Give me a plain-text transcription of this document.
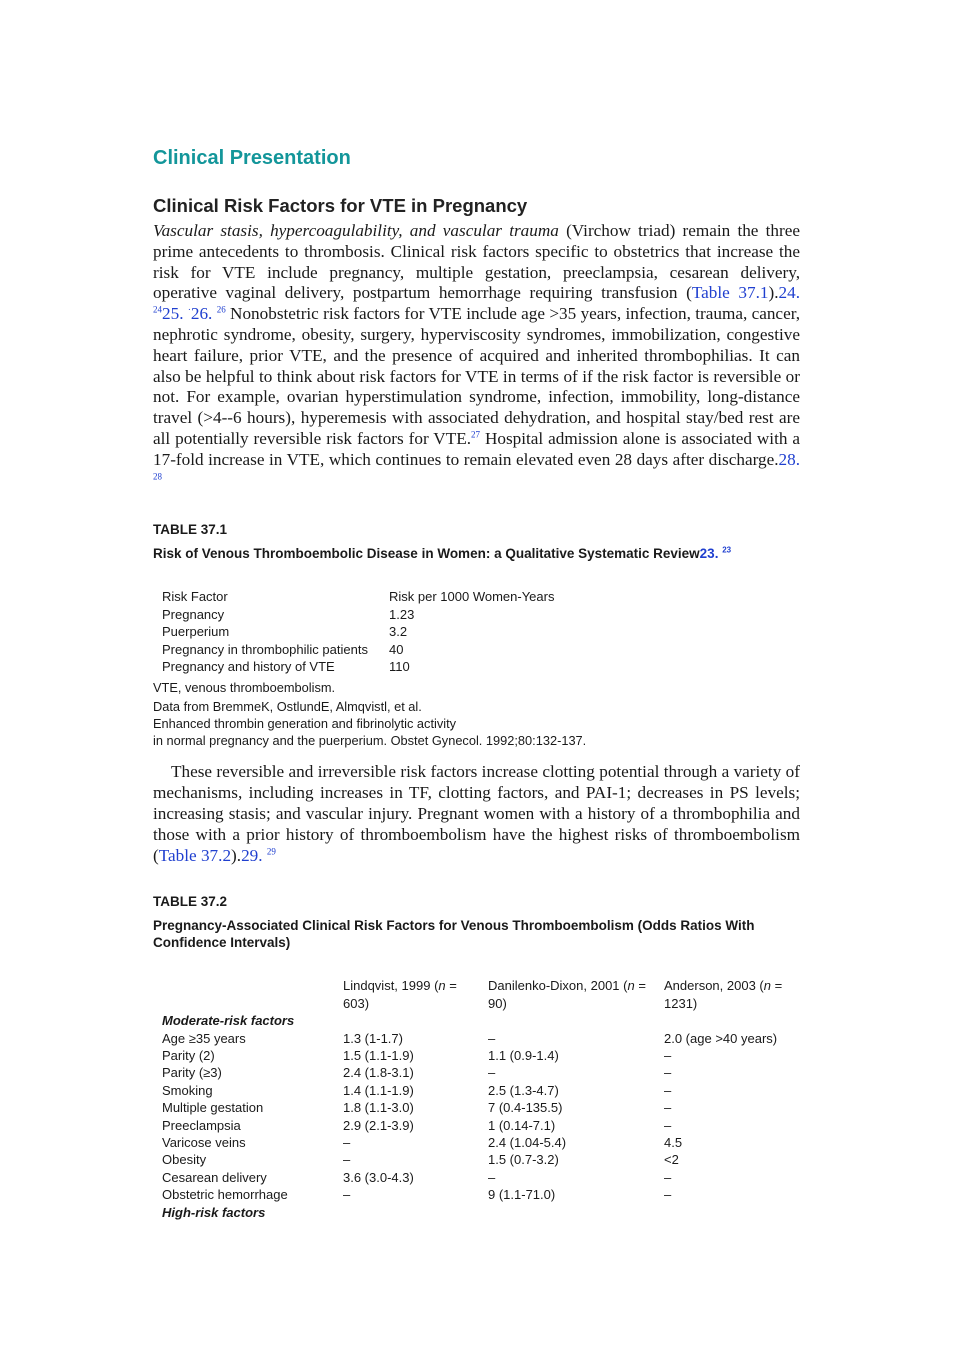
Clinical Presentation
Clinical Risk Factors for VTE in Pregnancy

Vascular stasis, hypercoagulability, and vascular trauma (Virchow triad) remain the three prime antecedents to thrombosis. Clinical risk factors specific to obstetrics that increase the risk for VTE include pregnancy, multiple gestation, preeclampsia, cesarean delivery, operative vaginal delivery, postpartum hemorrhage requiring transfusion (Table 37.1).24. $^{24}$25. ·26. $^{26}$ Nonobstetric risk factors for VTE include age >35 years, infection, trauma, cancer, nephrotic syndrome, obesity, surgery, hyperviscosity syndromes, immobilization, congestive heart failure, prior VTE, and the presence of acquired and inherited thrombophilias. It can also be helpful to think about risk factors for VTE in terms of if the risk factor is reversible or not. For example, ovarian hyperstimulation syndrome, infection, immobility, long-distance travel (>4--6 hours), hyperemesis with associated dehydration, and hospital stay/bed rest are all potentially reversible risk factors for VTE.$^{27}$ Hospital admission alone is associated with a 17-fold increase in VTE, which continues to remain elevated even 28 days after discharge.28. $^{28}$

TABLE 37.1

Risk of Venous Thromboembolic Disease in Women: a Qualitative Systematic Review23. $^{23}$

Risk Factor	Risk per 1000 Women-Years
Pregnancy	1.23
Puerperium	3.2
Pregnancy in thrombophilic patients	40
Pregnancy and history of VTE	110

VTE, venous thromboembolism.

Data from BremmeK, OstlundE, Almqvistl, et al.

Enhanced thrombin generation and fibrinolytic activity

in normal pregnancy and the puerperium. Obstet Gynecol. 1992;80:132-137.

These reversible and irreversible risk factors increase clotting potential through a variety of mechanisms, including increases in TF, clotting factors, and PAI-1; decreases in PS levels; increasing stasis; and vascular injury. Pregnant women with a history of a thrombophilia and those with a prior history of thromboembolism have the highest risks of thromboembolism (Table 37.2).29. $^{29}$

TABLE 37.2

Pregnancy-Associated Clinical Risk Factors for Venous Thromboembolism (Odds Ratios With Confidence Intervals)

	Lindqvist, 1999 (n = 603)	Danilenko-Dixon, 2001 (n = 90)	Anderson, 2003 (n = 1231)
Moderate-risk factors			
Age ≥35 years	1.3 (1-1.7)	–	2.0 (age >40 years)
Parity (2)	1.5 (1.1-1.9)	1.1 (0.9-1.4)	–
Parity (≥3)	2.4 (1.8-3.1)	–	–
Smoking	1.4 (1.1-1.9)	2.5 (1.3-4.7)	–
Multiple gestation	1.8 (1.1-3.0)	7 (0.4-135.5)	–
Preeclampsia	2.9 (2.1-3.9)	1 (0.14-7.1)	–
Varicose veins	–	2.4 (1.04-5.4)	4.5
Obesity	–	1.5 (0.7-3.2)	<2
Cesarean delivery	3.6 (3.0-4.3)	–	–
Obstetric hemorrhage	–	9 (1.1-71.0)	–
High-risk factors			
